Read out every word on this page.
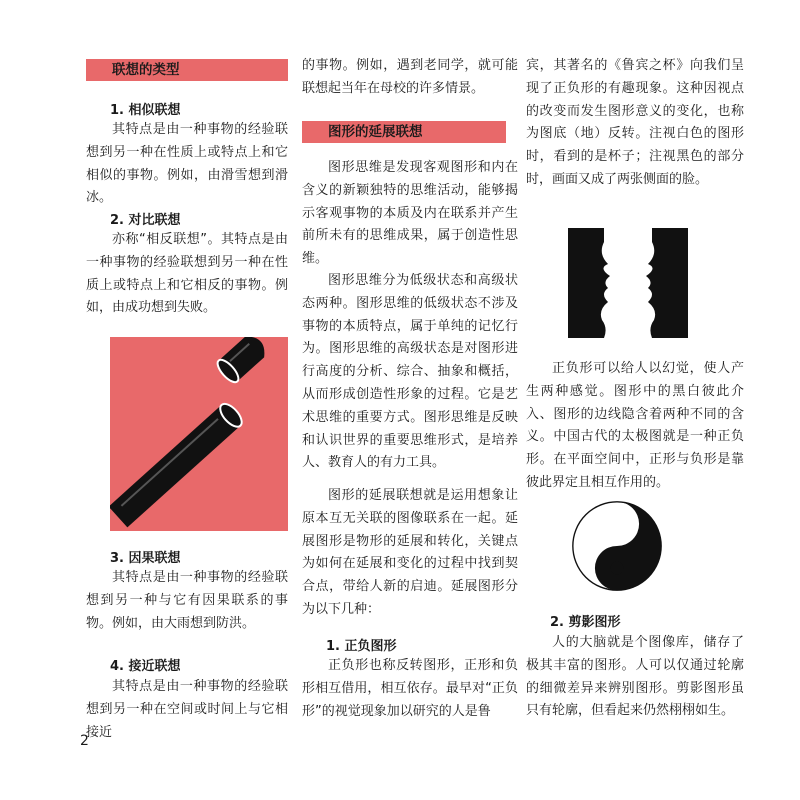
联想的类型
1. 相似联想

其特点是由一种事物的经验联想到另一种在性质上或特点上和它相似的事物。例如，由滑雪想到滑冰。

2. 对比联想

亦称“相反联想”。其特点是由一种事物的经验联想到另一种在性质上或特点上和它相反的事物。例如，由成功想到失败。

3. 因果联想

其特点是由一种事物的经验联想到另一种与它有因果联系的事物。例如，由大雨想到防洪。

4. 接近联想

其特点是由一种事物的经验联想到另一种在空间或时间上与它相接近

的事物。例如，遇到老同学，就可能联想起当年在母校的许多情景。

图形的延展联想

图形思维是发现客观图形和内在含义的新颖独特的思维活动，能够揭示客观事物的本质及内在联系并产生前所未有的思维成果，属于创造性思维。

图形思维分为低级状态和高级状态两种。图形思维的低级状态不涉及事物的本质特点，属于单纯的记忆行为。图形思维的高级状态是对图形进行高度的分析、综合、抽象和概括，从而形成创造性形象的过程。它是艺术思维的重要方式。图形思维是反映和认识世界的重要思维形式，是培养人、教育人的有力工具。

图形的延展联想就是运用想象让原本互无关联的图像联系在一起。延展图形是物形的延展和转化，关键点为如何在延展和变化的过程中找到契合点，带给人新的启迪。延展图形分为以下几种：

1. 正负图形

正负形也称反转图形，正形和负形相互借用，相互依存。最早对“正负形”的视觉现象加以研究的人是鲁

宾，其著名的《鲁宾之杯》向我们呈现了正负形的有趣现象。这种因视点的改变而发生图形意义的变化，也称为图底（地）反转。注视白色的图形时，看到的是杯子；注视黑色的部分时，画面又成了两张侧面的脸。

正负形可以给人以幻觉，使人产生两种感觉。图形中的黑白彼此介入、图形的边线隐含着两种不同的含义。中国古代的太极图就是一种正负形。在平面空间中，正形与负形是靠彼此界定且相互作用的。

2. 剪影图形

人的大脑就是个图像库，储存了极其丰富的图形。人可以仅通过轮廓的细微差异来辨别图形。剪影图形虽只有轮廓，但看起来仍然栩栩如生。

2
